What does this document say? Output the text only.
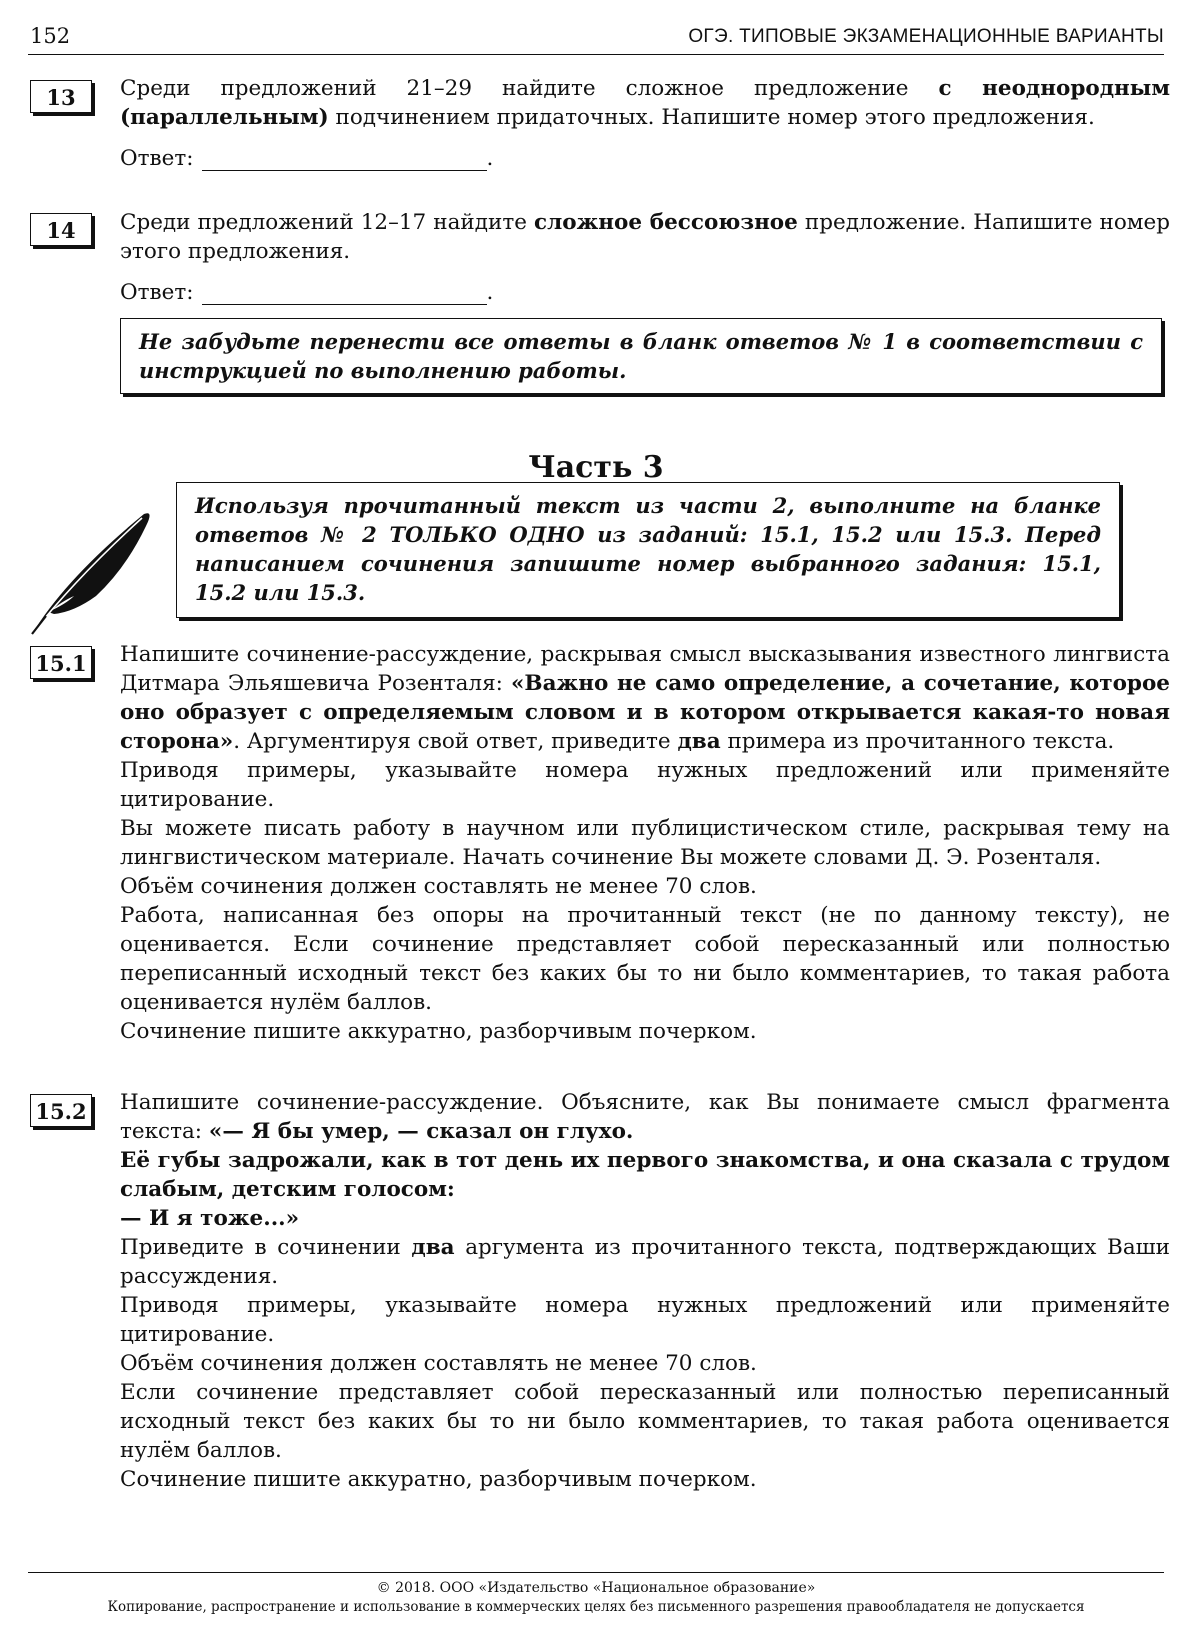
152	ОГЭ. ТИПОВЫЕ ЭКЗАМЕНАЦИОННЫЕ ВАРИАНТЫ
13	Среди предложений 21–29 найдите сложное предложение с неоднородным (параллельным) подчинением придаточных. Напишите номер этого предложения.

Ответ:	.
14	Среди предложений 12–17 найдите сложное бессоюзное предложение. Напишите номер этого предложения.

Ответ:	.
Не забудьте перенести все ответы в бланк ответов № 1 в соответствии с инструкцией по выполнению работы.
Часть 3
Используя прочитанный текст из части 2, выполните на бланке ответов № 2 ТОЛЬКО ОДНО из заданий: 15.1, 15.2 или 15.3. Перед написанием сочинения запишите номер выбранного задания: 15.1, 15.2 или 15.3.
15.1 Напишите сочинение-рассуждение, раскрывая смысл высказывания известного лингвиста Дитмара Эльяшевича Розенталя: «Важно не само определение, а сочетание, которое оно образует с определяемым словом и в котором открывается какая-то новая сторона». Аргументируя свой ответ, приведите два примера из прочитанного текста.

Приводя примеры, указывайте номера нужных предложений или применяйте цитирование.

Вы можете писать работу в научном или публицистическом стиле, раскрывая тему на лингвистическом материале. Начать сочинение Вы можете словами Д. Э. Розенталя.

Объём сочинения должен составлять не менее 70 слов.

Работа, написанная без опоры на прочитанный текст (не по данному тексту), не оценивается. Если сочинение представляет собой пересказанный или полностью переписанный исходный текст без каких бы то ни было комментариев, то такая работа оценивается нулём баллов.

Сочинение пишите аккуратно, разборчивым почерком.

15.2 Напишите сочинение-рассуждение. Объясните, как Вы понимаете смысл фрагмента текста: «— Я бы умер, — сказал он глухо.

Её губы задрожали, как в тот день их первого знакомства, и она сказала с трудом слабым, детским голосом:

— И я тоже...»

Приведите в сочинении два аргумента из прочитанного текста, подтверждающих Ваши рассуждения.

Приводя примеры, указывайте номера нужных предложений или применяйте цитирование.

Объём сочинения должен составлять не менее 70 слов.

Если сочинение представляет собой пересказанный или полностью переписанный исходный текст без каких бы то ни было комментариев, то такая работа оценивается нулём баллов.

Сочинение пишите аккуратно, разборчивым почерком.

© 2018. ООО «Издательство «Национальное образование»
Копирование, распространение и использование в коммерческих целях без письменного разрешения правообладателя не допускается
